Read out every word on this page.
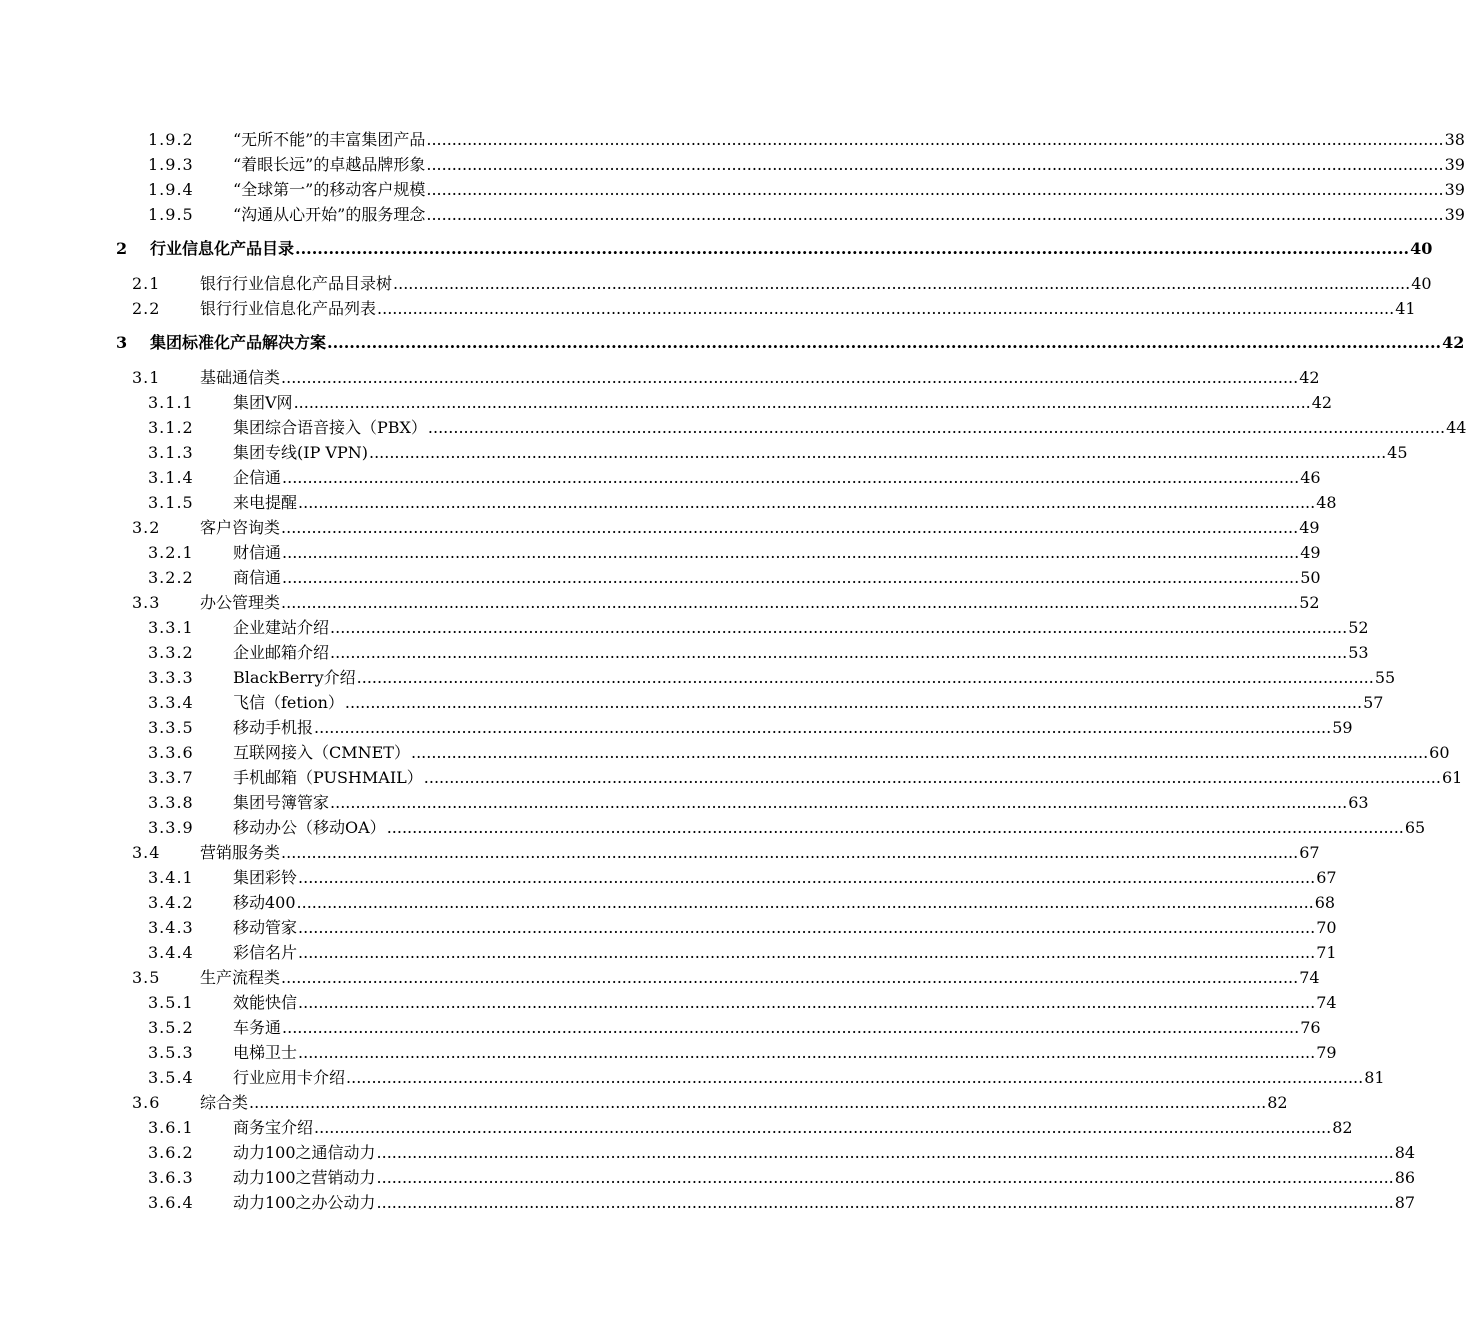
1.9.2	“无所不能”的丰富集团产品 ........................................................................................................................................................................................................ 38
1.9.3	“着眼长远”的卓越品牌形象 ........................................................................................................................................................................................................ 39
1.9.4	“全球第一”的移动客户规模 ........................................................................................................................................................................................................ 39
1.9.5	“沟通从心开始”的服务理念 ........................................................................................................................................................................................................ 39
2	行业信息化产品目录 ........................................................................................................................................................................................................ 40
2.1	银行行业信息化产品目录树 ........................................................................................................................................................................................................ 40
2.2	银行行业信息化产品列表 ........................................................................................................................................................................................................ 41
3	集团标准化产品解决方案 ........................................................................................................................................................................................................ 42
3.1	基础通信类 ........................................................................................................................................................................................................ 42
3.1.1	集团V网 ........................................................................................................................................................................................................ 42
3.1.2	集团综合语音接入（PBX） ........................................................................................................................................................................................................ 44
3.1.3	集团专线(IP VPN) ........................................................................................................................................................................................................ 45
3.1.4	企信通 ........................................................................................................................................................................................................ 46
3.1.5	来电提醒 ........................................................................................................................................................................................................ 48
3.2	客户咨询类 ........................................................................................................................................................................................................ 49
3.2.1	财信通 ........................................................................................................................................................................................................ 49
3.2.2	商信通 ........................................................................................................................................................................................................ 50
3.3	办公管理类 ........................................................................................................................................................................................................ 52
3.3.1	企业建站介绍 ........................................................................................................................................................................................................ 52
3.3.2	企业邮箱介绍 ........................................................................................................................................................................................................ 53
3.3.3	BlackBerry介绍 ........................................................................................................................................................................................................ 55
3.3.4	飞信（fetion） ........................................................................................................................................................................................................ 57
3.3.5	移动手机报 ........................................................................................................................................................................................................ 59
3.3.6	互联网接入（CMNET） ........................................................................................................................................................................................................ 60
3.3.7	手机邮箱（PUSHMAIL） ........................................................................................................................................................................................................ 61
3.3.8	集团号簿管家 ........................................................................................................................................................................................................ 63
3.3.9	移动办公（移动OA） ........................................................................................................................................................................................................ 65
3.4	营销服务类 ........................................................................................................................................................................................................ 67
3.4.1	集团彩铃 ........................................................................................................................................................................................................ 67
3.4.2	移动400 ........................................................................................................................................................................................................ 68
3.4.3	移动管家 ........................................................................................................................................................................................................ 70
3.4.4	彩信名片 ........................................................................................................................................................................................................ 71
3.5	生产流程类 ........................................................................................................................................................................................................ 74
3.5.1	效能快信 ........................................................................................................................................................................................................ 74
3.5.2	车务通 ........................................................................................................................................................................................................ 76
3.5.3	电梯卫士 ........................................................................................................................................................................................................ 79
3.5.4	行业应用卡介绍 ........................................................................................................................................................................................................ 81
3.6	综合类 ........................................................................................................................................................................................................ 82
3.6.1	商务宝介绍 ........................................................................................................................................................................................................ 82
3.6.2	动力100之通信动力 ........................................................................................................................................................................................................ 84
3.6.3	动力100之营销动力 ........................................................................................................................................................................................................ 86
3.6.4	动力100之办公动力 ........................................................................................................................................................................................................ 87
